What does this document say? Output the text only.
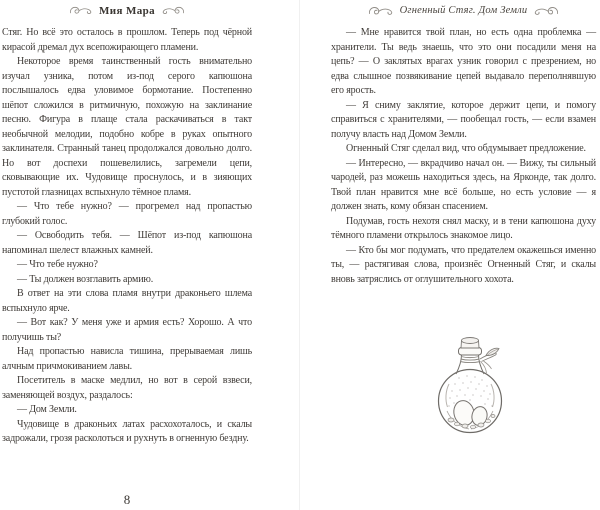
Мия Мара

Стяг. Но всё это осталось в прошлом. Теперь под чёрной кирасой дремал дух всепожирающего пламени.

Некоторое время таинственный гость внимательно изучал узника, потом из-под серого капюшона послышалось едва уловимое бормотание. Постепенно шёпот сложился в ритмичную, похожую на заклинание песню. Фигура в плаще стала раскачиваться в такт необычной мелодии, подобно кобре в руках опытного заклинателя. Странный танец продолжался довольно долго. Но вот доспехи пошевелились, загремели цепи, сковывающие их. Чудовище проснулось, и в зияющих пустотой глазницах вспыхнуло тёмное пламя.

— Что тебе нужно? — прогремел над пропастью глубокий голос.

— Освободить тебя. — Шёпот из-под капюшона напоминал шелест влажных камней.

— Что тебе нужно?

— Ты должен возглавить армию.

В ответ на эти слова пламя внутри драконьего шлема вспыхнуло ярче.

— Вот как? У меня уже и армия есть? Хорошо. А что получишь ты?

Над пропастью нависла тишина, прерываемая лишь алчным причмокиванием лавы.

Посетитель в маске медлил, но вот в серой взвеси, заменяющей воздух, раздалось:

— Дом Земли.

Чудовище в драконьих латах расхохоталось, и скалы задрожали, грозя расколоться и рухнуть в огненную бездну.

8
Огненный Стяг. Дом Земли

— Мне нравится твой план, но есть одна проблемка — хранители. Ты ведь знаешь, что это они посадили меня на цепь? — О заклятых врагах узник говорил с презрением, но едва слышное позвякивание цепей выдавало переполнявшую его ярость.

— Я сниму заклятие, которое держит цепи, и помогу справиться с хранителями, — пообещал гость, — если взамен получу власть над Домом Земли.

Огненный Стяг сделал вид, что обдумывает предложение.

— Интересно, — вкрадчиво начал он. — Вижу, ты сильный чародей, раз можешь находиться здесь, на Ярконде, так долго. Твой план нравится мне всё больше, но есть условие — я должен знать, кому обязан спасением.

Подумав, гость нехотя снял маску, и в тени капюшона духу тёмного пламени открылось знакомое лицо.

— Кто бы мог подумать, что предателем окажешься именно ты, — растягивая слова, произнёс Огненный Стяг, и скалы вновь затряслись от оглушительного хохота.
